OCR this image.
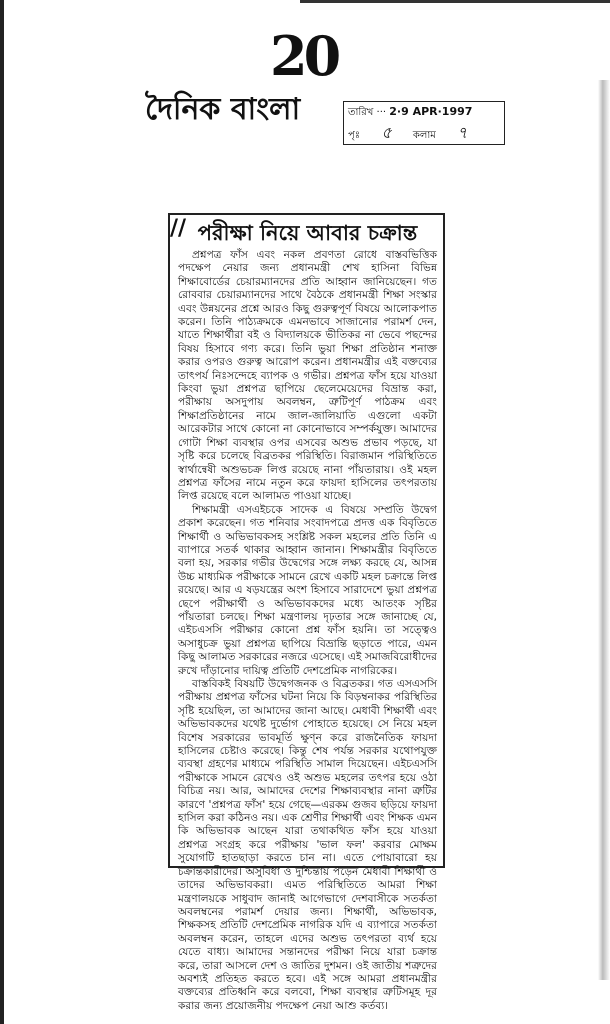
20
দৈনিক বাংলা	তারিখ ··· 2·9 APR·1997
পৃঃ ৫ কলাম ৭
পরীক্ষা নিয়ে আবার চক্রান্ত

প্রশ্নপত্র ফাঁস এবং নকল প্রবণতা রোধে বাস্তবভিত্তিক পদক্ষেপ নেয়ার জন্য প্রধানমন্ত্রী শেখ হাসিনা বিভিন্ন শিক্ষাবোর্ডের চেয়ারম্যানদের প্রতি আহ্বান জানিয়েছেন। গত রোববার চেয়ারম্যানদের সাথে বৈঠকে প্রধানমন্ত্রী শিক্ষা সংস্কার এবং উন্নয়নের প্রশ্নে আরও কিছু গুরুত্বপূর্ণ বিষয়ে আলোকপাত করেন। তিনি পাঠ্যক্রমকে এমনভাবে সাজানোর পরামর্শ দেন, যাতে শিক্ষার্থীরা বই ও বিদ্যালয়কে ভীতিকর না ভেবে পছন্দের বিষয় হিসাবে গণ্য করে। তিনি ভুয়া শিক্ষা প্রতিষ্ঠান শনাক্ত করার ওপরও গুরুত্ব আরোপ করেন। প্রধানমন্ত্রীর এই বক্তব্যের তাৎপর্য নিঃসন্দেহে ব্যাপক ও গভীর। প্রশ্নপত্র ফাঁস হয়ে যাওয়া কিংবা ভুয়া প্রশ্নপত্র ছাপিয়ে ছেলেমেয়েদের বিভ্রান্ত করা, পরীক্ষায় অসদুপায় অবলম্বন, ত্রুটিপূর্ণ পাঠক্রম এবং শিক্ষাপ্রতিষ্ঠানের নামে জাল-জালিয়াতি এগুলো একটা আরেকটার সাথে কোনো না কোনোভাবে সম্পর্কযুক্ত। আমাদের গোটা শিক্ষা ব্যবস্থার ওপর এসবের অশুভ প্রভাব পড়ছে, যা সৃষ্টি করে চলেছে বিব্রতকর পরিস্থিতি। বিরাজমান পরিস্থিতিতে স্বার্থান্বেষী অশুভচক্র লিপ্ত রয়েছে নানা পাঁয়তারায়। ওই মহল প্রশ্নপত্র ফাঁসের নামে নতুন করে ফায়দা হাসিলের তৎপরতায় লিপ্ত রয়েছে বলে আলামত পাওয়া যাচ্ছে।

শিক্ষামন্ত্রী এসএইচকে সাদেক এ বিষয়ে সম্প্রতি উদ্বেগ প্রকাশ করেছেন। গত শনিবার সংবাদপত্রে প্রদত্ত এক বিবৃতিতে শিক্ষার্থী ও অভিভাবকসহ সংশ্লিষ্ট সকল মহলের প্রতি তিনি এ ব্যাপারে সতর্ক থাকার আহ্বান জানান। শিক্ষামন্ত্রীর বিবৃতিতে বলা হয়, সরকার গভীর উদ্বেগের সঙ্গে লক্ষ্য করছে যে, আসন্ন উচ্চ মাধ্যমিক পরীক্ষাকে সামনে রেখে একটি মহল চক্রান্তে লিপ্ত রয়েছে। আর এ ষড়যন্ত্রের অংশ হিসাবে সারাদেশে ভুয়া প্রশ্নপত্র ছেপে পরীক্ষার্থী ও অভিভাবকদের মধ্যে আতংক সৃষ্টির পাঁয়তারা চলছে। শিক্ষা মন্ত্রণালয় দৃঢ়তার সঙ্গে জানাচ্ছে যে, এইচএসসি পরীক্ষার কোনো প্রশ্ন ফাঁস হয়নি। তা সত্ত্বেও অসাধুচক্র ভুয়া প্রশ্নপত্র ছাপিয়ে বিভ্রান্তি ছড়াতে পারে, এমন কিছু আলামত সরকারের নজরে এসেছে। এই সমাজবিরোধীদের রুখে দাঁড়ানোর দায়িত্ব প্রতিটি দেশপ্রেমিক নাগরিকের।

বাস্তবিকই বিষয়টি উদ্বেগজনক ও বিব্রতকর। গত এসএসসি পরীক্ষায় প্রশ্নপত্র ফাঁসের ঘটনা নিয়ে কি বিড়ম্বনাকর পরিস্থিতির সৃষ্টি হয়েছিল, তা আমাদের জানা আছে। মেধাবী শিক্ষার্থী এবং অভিভাবকদের যথেষ্ট দুর্ভোগ পোহাতে হয়েছে। সে নিয়ে মহল বিশেষ সরকারের ভাবমূর্তি ক্ষুণ্ন করে রাজনৈতিক ফায়দা হাসিলের চেষ্টাও করেছে। কিন্তু শেষ পর্যন্ত সরকার যথোপযুক্ত ব্যবস্থা গ্রহণের মাধ্যমে পরিস্থিতি সামাল দিয়েছেন। এইচএসসি পরীক্ষাকে সামনে রেখেও ওই অশুভ মহলের তৎপর হয়ে ওঠা বিচিত্র নয়। আর, আমাদের দেশের শিক্ষাব্যবস্থার নানা ত্রুটির কারণে 'প্রশ্নপত্র ফাঁস' হয়ে গেছে—এরকম গুজব ছড়িয়ে ফায়দা হাসিল করা কঠিনও নয়। এক শ্রেণীর শিক্ষার্থী এবং শিক্ষক এমন কি অভিভাবক আছেন যারা তথাকথিত ফাঁস হয়ে যাওয়া প্রশ্নপত্র সংগ্রহ করে পরীক্ষায় 'ভাল ফল' করবার মোক্ষম সুযোগটি হাতছাড়া করতে চান না। এতে পোয়াবারো হয় চক্রান্তকারীদের। অসুবিধা ও দুশ্চিন্তায় পড়েন মেধাবী শিক্ষার্থী ও তাদের অভিভাবকরা। এমত পরিস্থিতিতে আমরা শিক্ষা মন্ত্রণালয়কে সাধুবাদ জানাই আগেভাগে দেশবাসীকে সতর্কতা অবলম্বনের পরামর্শ দেয়ার জন্য। শিক্ষার্থী, অভিভাবক, শিক্ষকসহ প্রতিটি দেশপ্রেমিক নাগরিক যদি এ ব্যাপারে সতর্কতা অবলম্বন করেন, তাহলে এদের অশুভ তৎপরতা ব্যর্থ হয়ে যেতে বাধ্য। আমাদের সন্তানদের পরীক্ষা নিয়ে যারা চক্রান্ত করে, তারা আসলে দেশ ও জাতির দুশমন। ওই জাতীয় শত্রুদের অবশ্যই প্রতিহত করতে হবে। এই সঙ্গে আমরা প্রধানমন্ত্রীর বক্তব্যের প্রতিধ্বনি করে বলবো, শিক্ষা ব্যবস্থার ত্রুটিসমূহ দূর করার জন্য প্রয়োজনীয় পদক্ষেপ নেয়া আশু কর্তব্য।

//
